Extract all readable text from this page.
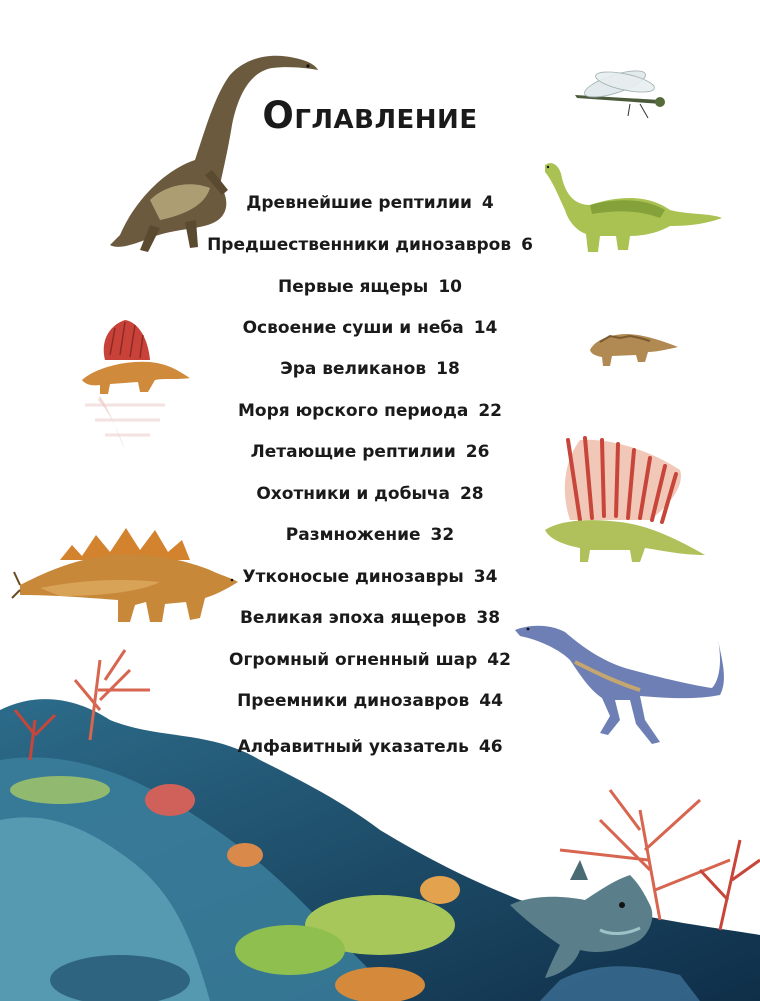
Оглавление
Древнейшие рептилии 4
Предшественники динозавров 6
Первые ящеры 10
Освоение суши и неба 14
Эра великанов 18
Моря юрского периода 22
Летающие рептилии 26
Охотники и добыча 28
Размножение 32
Утконосые динозавры 34
Великая эпоха ящеров 38
Огромный огненный шар 42
Преемники динозавров 44
Алфавитный указатель 46
